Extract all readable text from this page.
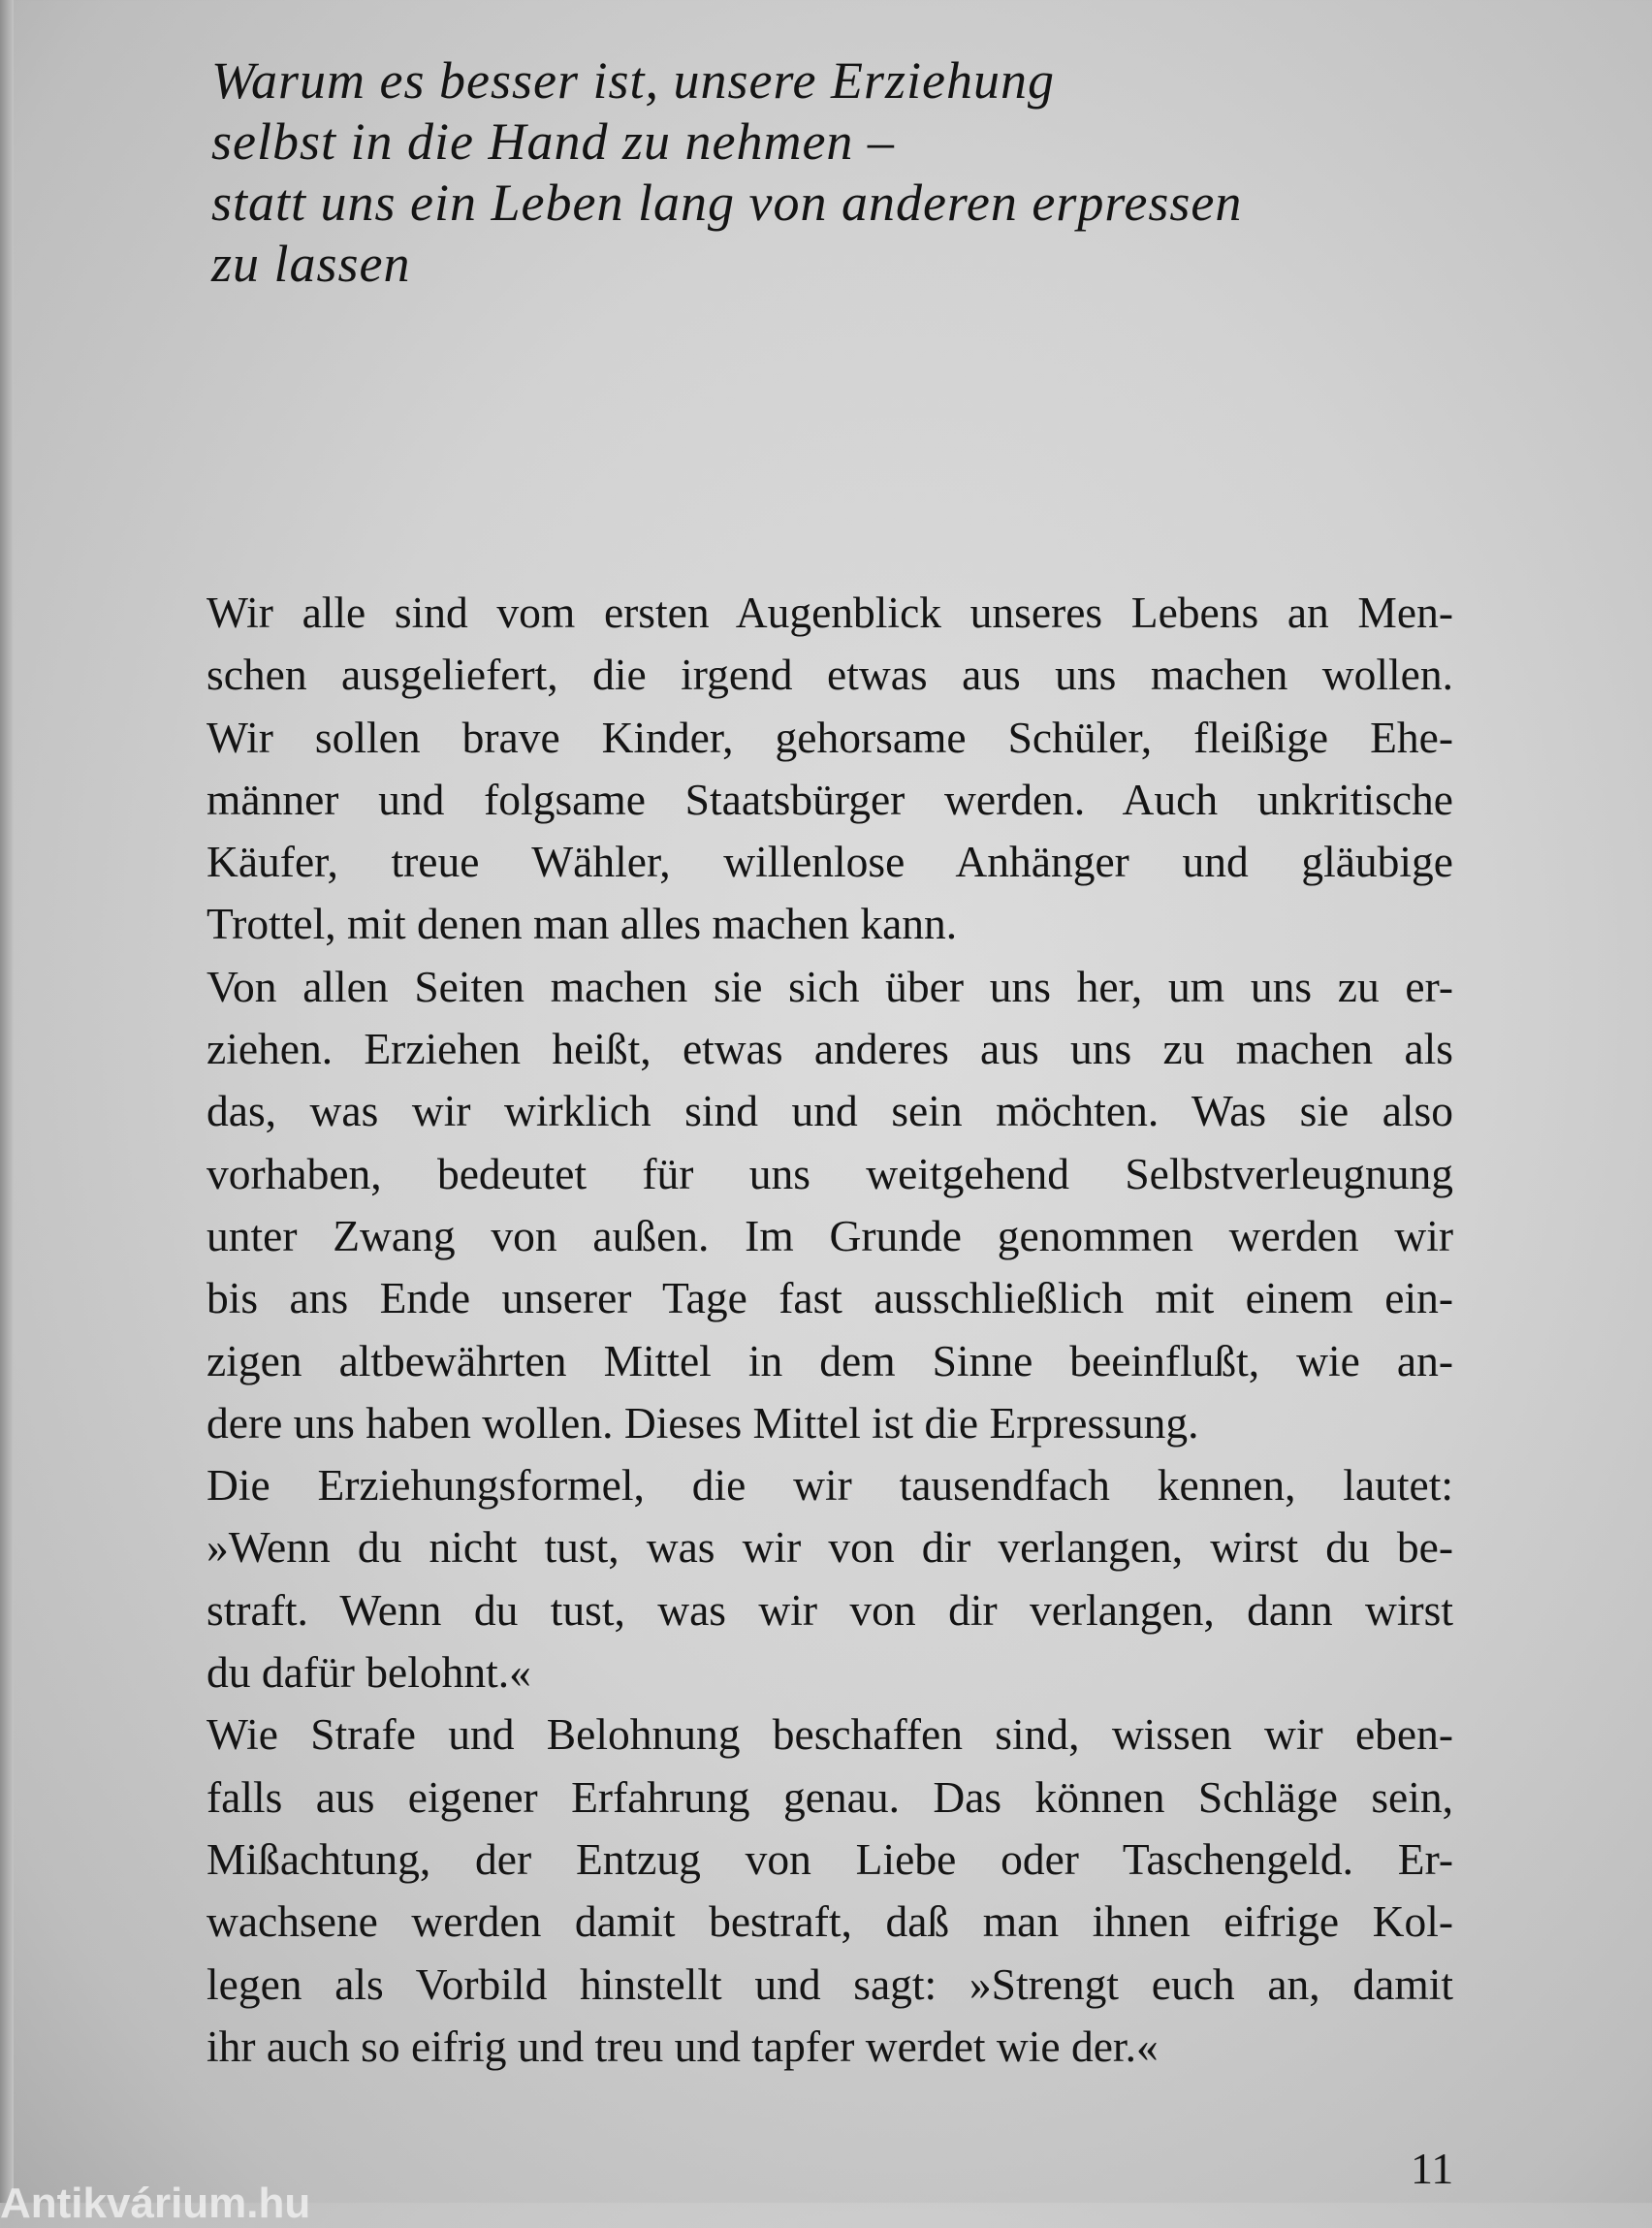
Warum es besser ist, unsere Erziehung
selbst in die Hand zu nehmen –
statt uns ein Leben lang von anderen erpressen
zu lassen
Wir alle sind vom ersten Augenblick unseres Lebens an Men-
schen ausgeliefert, die irgend etwas aus uns machen wollen.
Wir sollen brave Kinder, gehorsame Schüler, fleißige Ehe-
männer und folgsame Staatsbürger werden. Auch unkritische
Käufer, treue Wähler, willenlose Anhänger und gläubige
Trottel, mit denen man alles machen kann.
Von allen Seiten machen sie sich über uns her, um uns zu er-
ziehen. Erziehen heißt, etwas anderes aus uns zu machen als
das, was wir wirklich sind und sein möchten. Was sie also
vorhaben, bedeutet für uns weitgehend Selbstverleugnung
unter Zwang von außen. Im Grunde genommen werden wir
bis ans Ende unserer Tage fast ausschließlich mit einem ein-
zigen altbewährten Mittel in dem Sinne beeinflußt, wie an-
dere uns haben wollen. Dieses Mittel ist die Erpressung.
Die Erziehungsformel, die wir tausendfach kennen, lautet:
»Wenn du nicht tust, was wir von dir verlangen, wirst du be-
straft. Wenn du tust, was wir von dir verlangen, dann wirst
du dafür belohnt.«
Wie Strafe und Belohnung beschaffen sind, wissen wir eben-
falls aus eigener Erfahrung genau. Das können Schläge sein,
Mißachtung, der Entzug von Liebe oder Taschengeld. Er-
wachsene werden damit bestraft, daß man ihnen eifrige Kol-
legen als Vorbild hinstellt und sagt: »Strengt euch an, damit
ihr auch so eifrig und treu und tapfer werdet wie der.«
11
Antikvárium.hu
